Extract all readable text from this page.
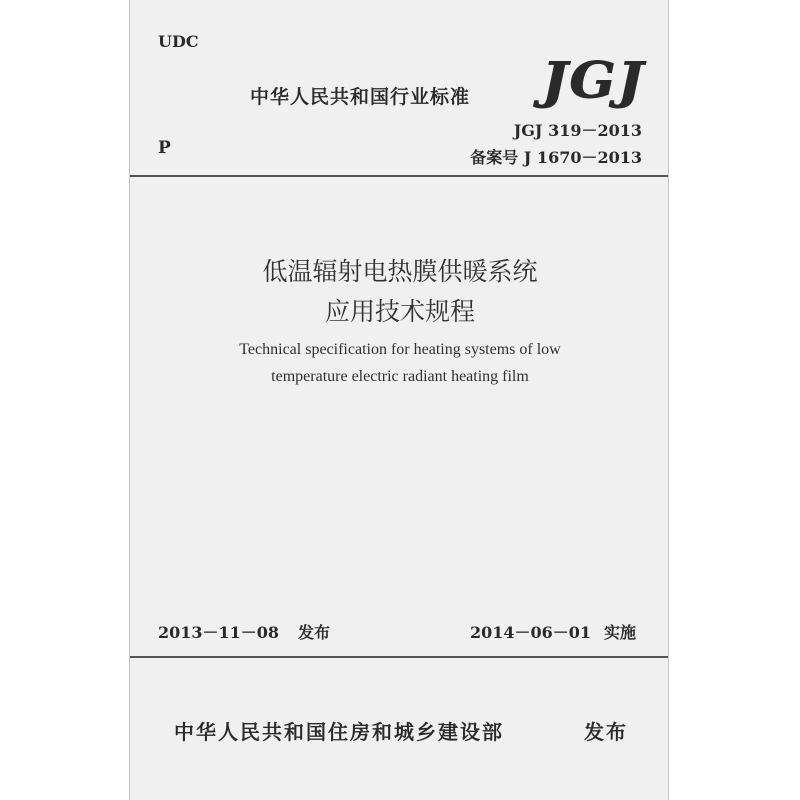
UDC
中华人民共和国行业标准 JGJ
P
JGJ 319－2013
备案号 J 1670－2013
低温辐射电热膜供暖系统
应用技术规程
Technical specification for heating systems of low
temperature electric radiant heating film
2013－11－08 发布	2014－06－01 实施
中华人民共和国住房和城乡建设部	发布
